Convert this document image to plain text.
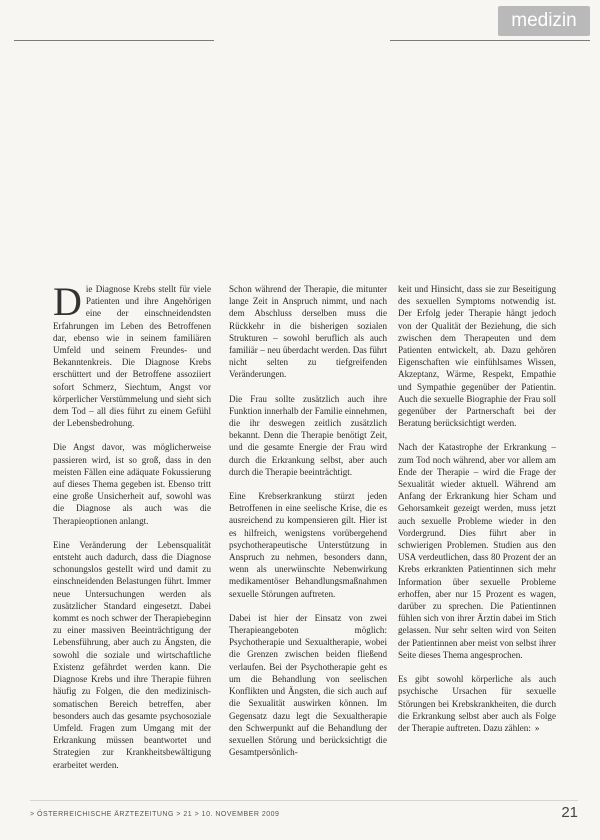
medizin

Die Diagnose Krebs stellt für viele Patienten und ihre Angehörigen eine der einschneidendsten Erfahrungen im Leben des Betroffenen dar, ebenso wie in seinem familiären Umfeld und seinem Freundes- und Bekanntenkreis. Die Diagnose Krebs erschüttert und der Betroffene assoziiert sofort Schmerz, Siechtum, Angst vor körperlicher Verstümmelung und sieht sich dem Tod – all dies führt zu einem Gefühl der Lebensbedrohung.

Die Angst davor, was möglicherweise passieren wird, ist so groß, dass in den meisten Fällen eine adäquate Fokussierung auf dieses Thema gegeben ist. Ebenso tritt eine große Unsicherheit auf, sowohl was die Diagnose als auch was die Therapieoptionen anlangt.

Eine Veränderung der Lebensqualität entsteht auch dadurch, dass die Diagnose schonungslos gestellt wird und damit zu einschneidenden Belastungen führt. Immer neue Untersuchungen werden als zusätzlicher Standard eingesetzt. Dabei kommt es noch schwer der Therapiebeginn zu einer massiven Beeinträchtigung der Lebensführung, aber auch zu Ängsten, die sowohl die soziale und wirtschaftliche Existenz gefährdet werden kann. Die Diagnose Krebs und ihre Therapie führen häufig zu Folgen, die den medizinisch-somatischen Bereich betreffen, aber besonders auch das gesamte psychosoziale Umfeld. Fragen zum Umgang mit der Erkrankung müssen beantwortet und Strategien zur Krankheitsbewältigung erarbeitet werden.

Schon während der Therapie, die mitunter lange Zeit in Anspruch nimmt, und nach dem Abschluss derselben muss die Rückkehr in die bisherigen sozialen Strukturen – sowohl beruflich als auch familiär – neu überdacht werden. Das führt nicht selten zu tiefgreifenden Veränderungen.

Die Frau sollte zusätzlich auch ihre Funktion innerhalb der Familie einnehmen, die ihr deswegen zeitlich zusätzlich bekannt. Denn die Therapie benötigt Zeit, und die gesamte Energie der Frau wird durch die Erkrankung selbst, aber auch durch die Therapie beeinträchtigt.

Eine Krebserkrankung stürzt jeden Betroffenen in eine seelische Krise, die es ausreichend zu kompensieren gilt. Hier ist es hilfreich, wenigstens vorübergehend psychotherapeutische Unterstützung in Anspruch zu nehmen, besonders dann, wenn als unerwünschte Nebenwirkung medikamentöser Behandlungsmaßnahmen sexuelle Störungen auftreten.

Dabei ist hier der Einsatz von zwei Therapieangeboten möglich: Psychotherapie und Sexualtherapie, wobei die Grenzen zwischen beiden fließend verlaufen. Bei der Psychotherapie geht es um die Behandlung von seelischen Konflikten und Ängsten, die sich auch auf die Sexualität auswirken können. Im Gegensatz dazu legt die Sexualtherapie den Schwerpunkt auf die Behandlung der sexuellen Störung und berücksichtigt die Gesamtpersönlich-

keit und Hinsicht, dass sie zur Beseitigung des sexuellen Symptoms notwendig ist. Der Erfolg jeder Therapie hängt jedoch von der Qualität der Beziehung, die sich zwischen dem Therapeuten und dem Patienten entwickelt, ab. Dazu gehören Eigenschaften wie einfühlsames Wissen, Akzeptanz, Wärme, Respekt, Empathie und Sympathie gegenüber der Patientin. Auch die sexuelle Biographie der Frau soll gegenüber der Partnerschaft bei der Beratung berücksichtigt werden.

Nach der Katastrophe der Erkrankung – zum Tod noch während, aber vor allem am Ende der Therapie – wird die Frage der Sexualität wieder aktuell. Während am Anfang der Erkrankung hier Scham und Gehorsamkeit gezeigt werden, muss jetzt auch sexuelle Probleme wieder in den Vordergrund. Dies führt aber in schwierigen Problemen. Studien aus den USA verdeutlichen, dass 80 Prozent der an Krebs erkrankten Patientinnen sich mehr Information über sexuelle Probleme erhoffen, aber nur 15 Prozent es wagen, darüber zu sprechen. Die Patientinnen fühlen sich von ihrer Ärztin dabei im Stich gelassen. Nur sehr selten wird von Seiten der Patientinnen aber meist von selbst ihrer Seite dieses Thema angesprochen.

Es gibt sowohl körperliche als auch psychische Ursachen für sexuelle Störungen bei Krebskrankheiten, die durch die Erkrankung selbst aber auch als Folge der Therapie auftreten. Dazu zählen: »

> ÖSTERREICHISCHE ÄRZTEZEITUNG > 21 > 10. NOVEMBER 2009	21
